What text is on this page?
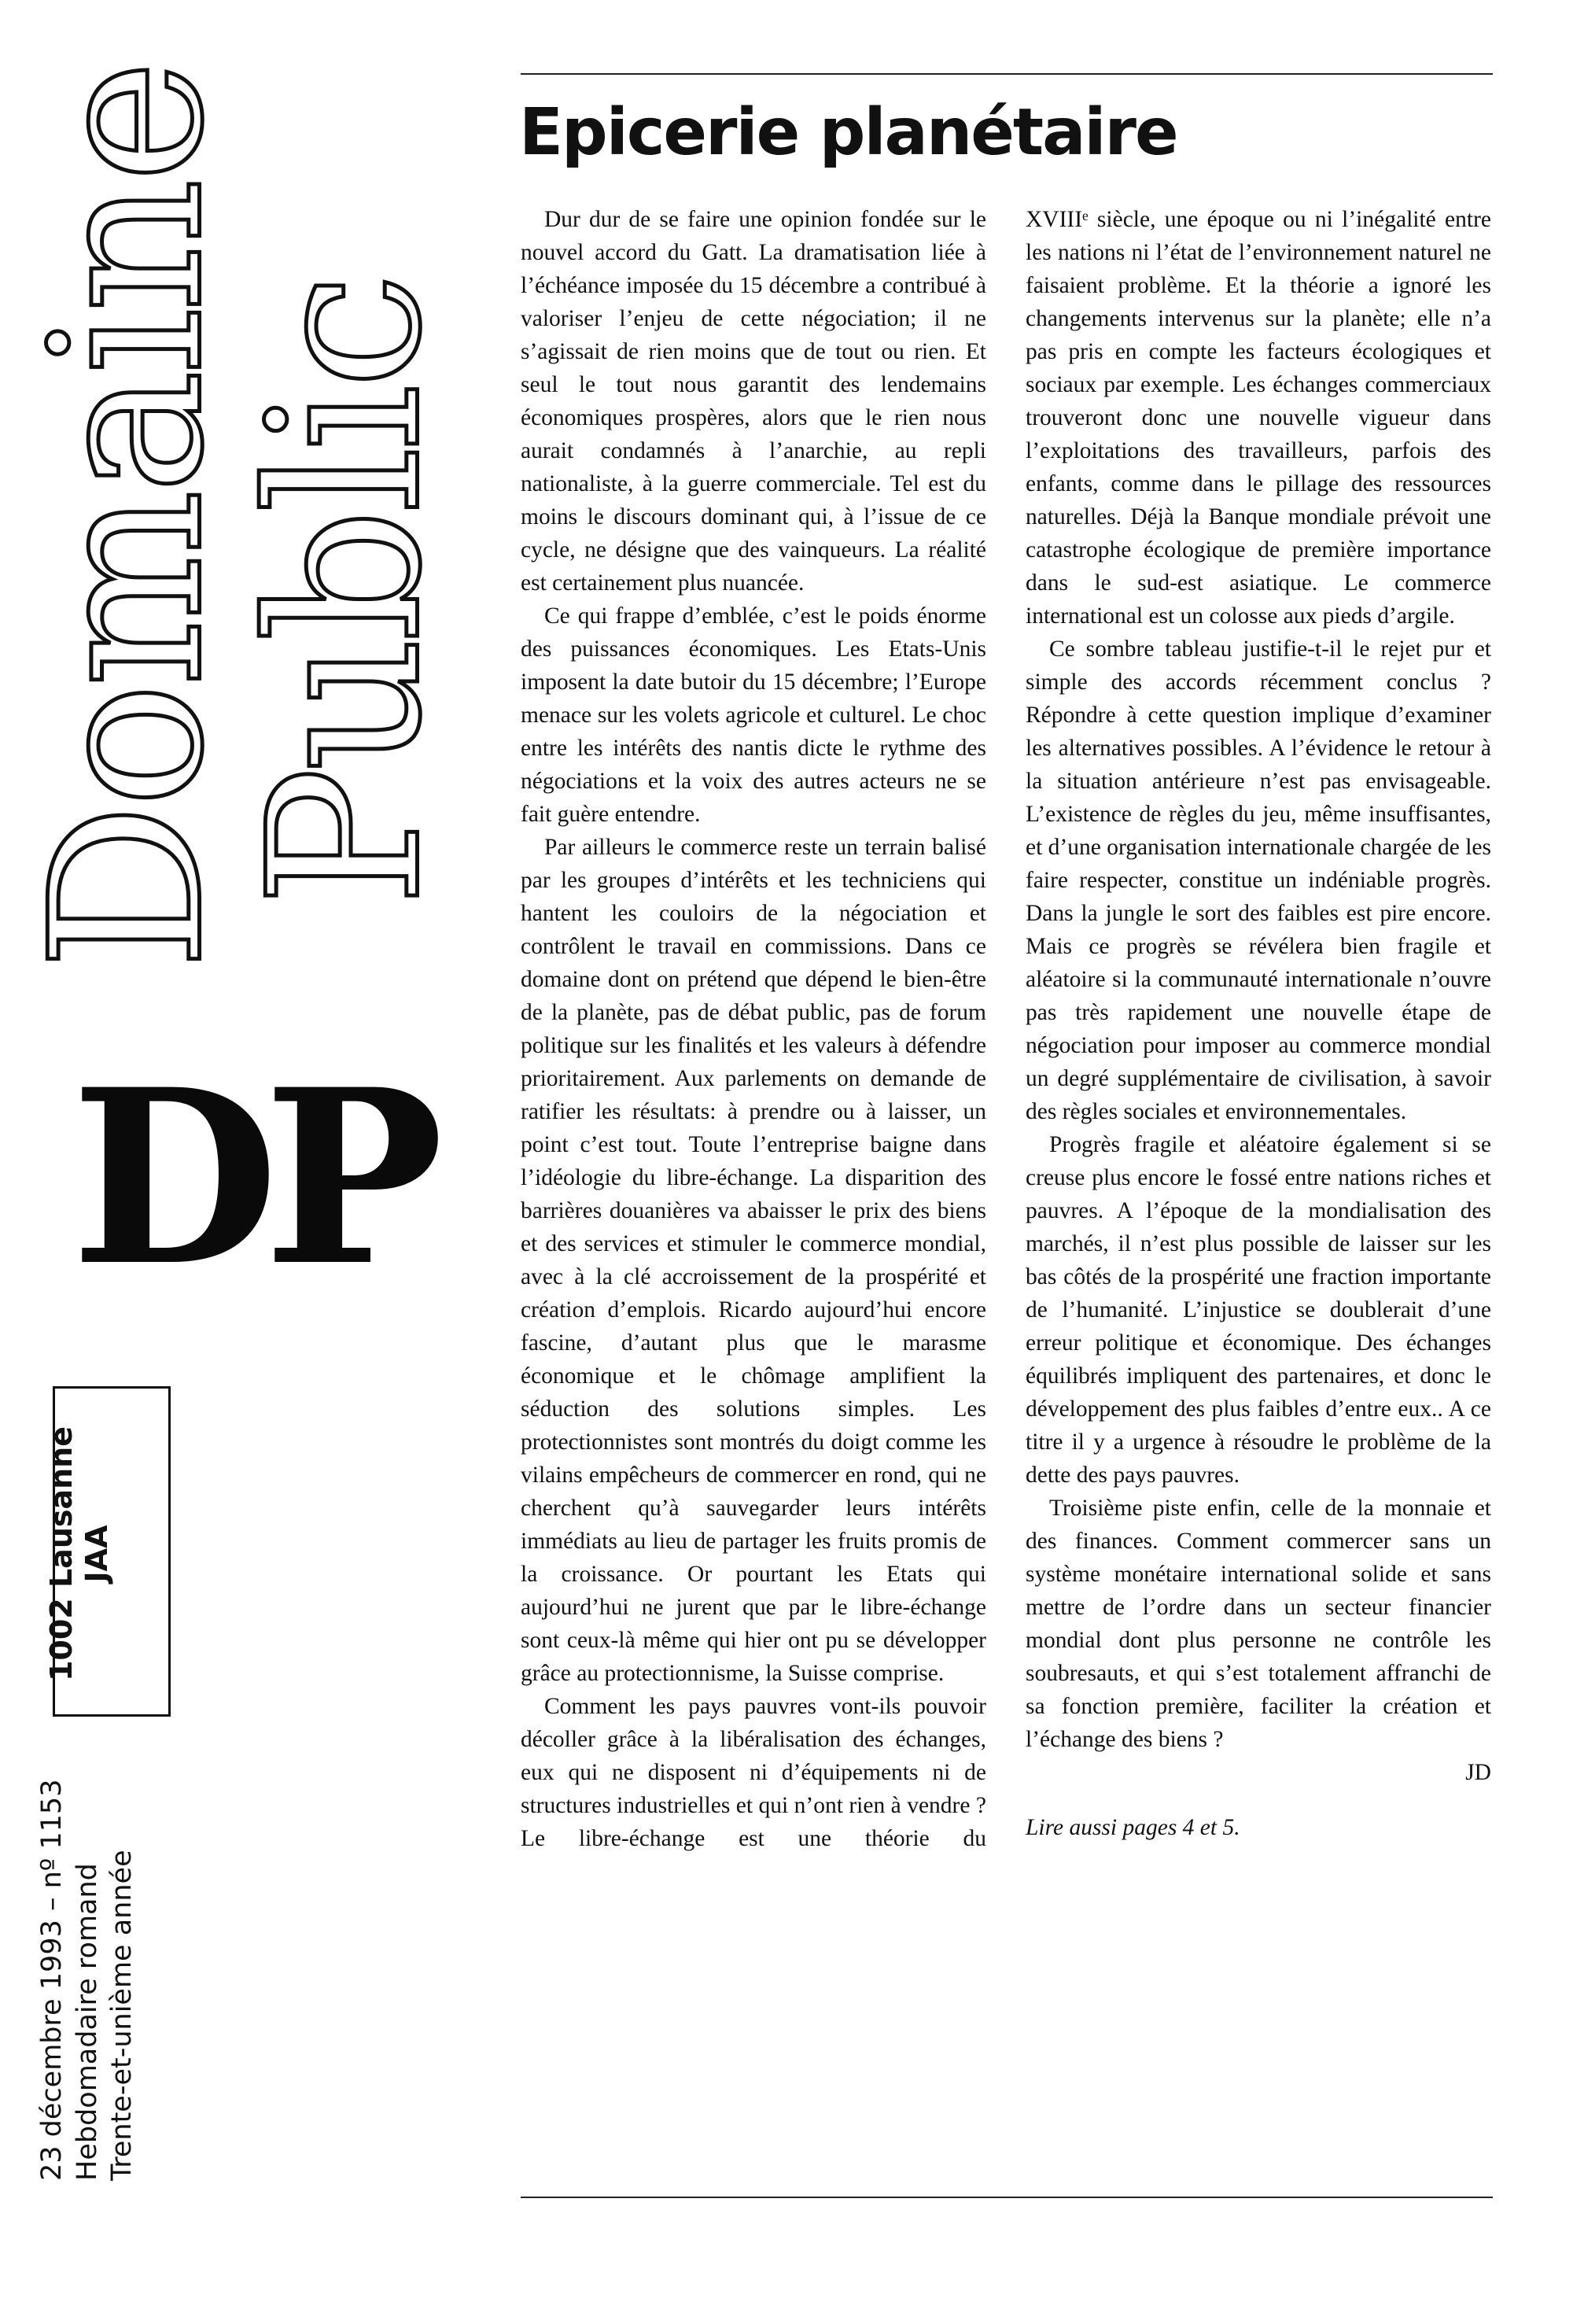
Domaine
Public
D
P
JAA
1002 Lausanne
23 décembre 1993 – nº 1153 Hebdomadaire romand Trente-et-unième année
Epicerie planétaire

Dur dur de se faire une opinion fondée sur le nouvel accord du Gatt. La dramatisation liée à l’échéance imposée du 15 décembre a contribué à valoriser l’enjeu de cette négociation; il ne s’agissait de rien moins que de tout ou rien. Et seul le tout nous garantit des lendemains économiques prospères, alors que le rien nous aurait condamnés à l’anarchie, au repli nationaliste, à la guerre commerciale. Tel est du moins le discours dominant qui, à l’issue de ce cycle, ne désigne que des vainqueurs. La réalité est certainement plus nuancée.

Ce qui frappe d’emblée, c’est le poids énorme des puissances économiques. Les Etats-Unis imposent la date butoir du 15 décembre; l’Europe menace sur les volets agricole et culturel. Le choc entre les intérêts des nantis dicte le rythme des négociations et la voix des autres acteurs ne se fait guère entendre.

Par ailleurs le commerce reste un terrain balisé par les groupes d’intérêts et les techniciens qui hantent les couloirs de la négociation et contrôlent le travail en commissions. Dans ce domaine dont on prétend que dépend le bien-être de la planète, pas de débat public, pas de forum politique sur les finalités et les valeurs à défendre prioritairement. Aux parlements on demande de ratifier les résultats: à prendre ou à laisser, un point c’est tout. Toute l’entreprise baigne dans l’idéologie du libre-échange. La disparition des barrières douanières va abaisser le prix des biens et des services et stimuler le commerce mondial, avec à la clé accroissement de la prospérité et création d’emplois. Ricardo aujourd’hui encore fascine, d’autant plus que le marasme économique et le chômage amplifient la séduction des solutions simples. Les protectionnistes sont montrés du doigt comme les vilains empêcheurs de commercer en rond, qui ne cherchent qu’à sauvegarder leurs intérêts immédiats au lieu de partager les fruits promis de la croissance. Or pourtant les Etats qui aujourd’hui ne jurent que par le libre-échange sont ceux-là même qui hier ont pu se développer grâce au protectionnisme, la Suisse comprise.

Comment les pays pauvres vont-ils pouvoir décoller grâce à la libéralisation des échanges, eux qui ne disposent ni d’équipements ni de structures industrielles et qui n’ont rien à vendre ? Le libre-échange est une théorie du

XVIIIᵉ siècle, une époque ou ni l’inégalité entre les nations ni l’état de l’environnement naturel ne faisaient problème. Et la théorie a ignoré les changements intervenus sur la planète; elle n’a pas pris en compte les facteurs écologiques et sociaux par exemple. Les échanges commerciaux trouveront donc une nouvelle vigueur dans l’exploitations des travailleurs, parfois des enfants, comme dans le pillage des ressources naturelles. Déjà la Banque mondiale prévoit une catastrophe écologique de première importance dans le sud-est asiatique. Le commerce international est un colosse aux pieds d’argile.

Ce sombre tableau justifie-t-il le rejet pur et simple des accords récemment conclus ? Répondre à cette question implique d’examiner les alternatives possibles. A l’évidence le retour à la situation antérieure n’est pas envisageable. L’existence de règles du jeu, même insuffisantes, et d’une organisation internationale chargée de les faire respecter, constitue un indéniable progrès. Dans la jungle le sort des faibles est pire encore. Mais ce progrès se révélera bien fragile et aléatoire si la communauté internationale n’ouvre pas très rapidement une nouvelle étape de négociation pour imposer au commerce mondial un degré supplémentaire de civilisation, à savoir des règles sociales et environnementales.

Progrès fragile et aléatoire également si se creuse plus encore le fossé entre nations riches et pauvres. A l’époque de la mondialisation des marchés, il n’est plus possible de laisser sur les bas côtés de la prospérité une fraction importante de l’humanité. L’injustice se doublerait d’une erreur politique et économique. Des échanges équilibrés impliquent des partenaires, et donc le développement des plus faibles d’entre eux.. A ce titre il y a urgence à résoudre le problème de la dette des pays pauvres.

Troisième piste enfin, celle de la monnaie et des finances. Comment commercer sans un système monétaire international solide et sans mettre de l’ordre dans un secteur financier mondial dont plus personne ne contrôle les soubresauts, et qui s’est totalement affranchi de sa fonction première, faciliter la création et l’échange des biens ?

JD

Lire aussi pages 4 et 5.
